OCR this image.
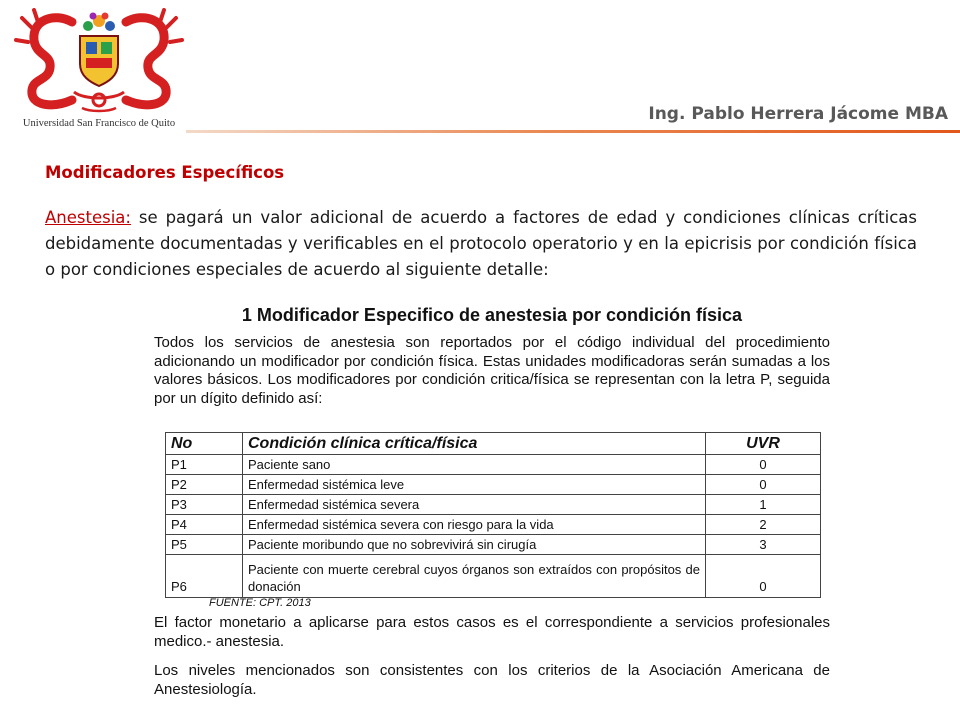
Universidad San Francisco de Quito	Ing. Pablo Herrera Jácome MBA
Modificadores Específicos

Anestesia: se pagará un valor adicional de acuerdo a factores de edad y condiciones clínicas críticas debidamente documentadas y verificables en el protocolo operatorio y en la epicrisis por condición física o por condiciones especiales de acuerdo al siguiente detalle:

1 Modificador Especifico de anestesia por condición física

Todos los servicios de anestesia son reportados por el código individual del procedimiento adicionando un modificador por condición física. Estas unidades modificadoras serán sumadas a los valores básicos. Los modificadores por condición critica/física se representan con la letra P, seguida por un dígito definido así:

No	Condición clínica crítica/física	UVR
P1	Paciente sano	0
P2	Enfermedad sistémica leve	0
P3	Enfermedad sistémica severa	1
P4	Enfermedad sistémica severa con riesgo para la vida	2
P5	Paciente moribundo que no sobrevivirá sin cirugía	3
P6	Paciente con muerte cerebral cuyos órganos son extraídos con propósitos de donación	0
FUENTE: CPT. 2013

El factor monetario a aplicarse para estos casos es el correspondiente a servicios profesionales medico.- anestesia.

Los niveles mencionados son consistentes con los criterios de la Asociación Americana de Anestesiología.
